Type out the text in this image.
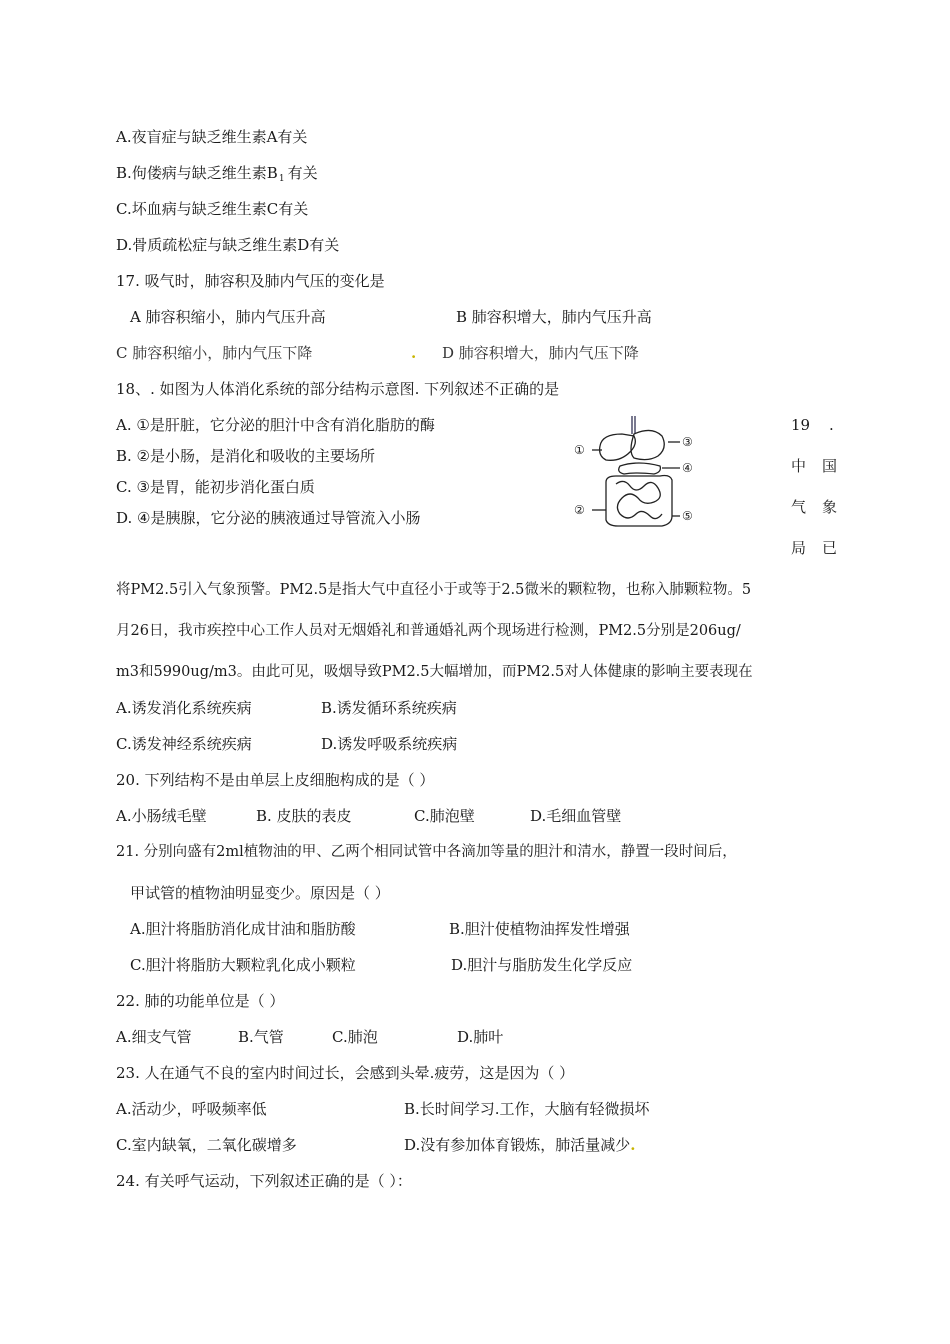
A.夜盲症与缺乏维生素A有关
B.佝偻病与缺乏维生素$B_1$ 有关
C.坏血病与缺乏维生素C有关
D.骨质疏松症与缺乏维生素D有关
17. 吸气时，肺容积及肺内气压的变化是
A 肺容积缩小，肺内气压升高	B 肺容积增大，肺内气压升高
C 肺容积缩小，肺内气压下降	. D 肺容积增大，肺内气压下降
18、. 如图为人体消化系统的部分结构示意图. 下列叙述不正确的是
A. ①是肝脏，它分泌的胆汁中含有消化脂肪的酶
B. ②是小肠，是消化和吸收的主要场所
C. ③是胃，能初步消化蛋白质
D. ④是胰腺，它分泌的胰液通过导管流入小肠
①
③
④
②	⑤
19 .
中 国
气 象
局 已
将PM2.5引入气象预警。PM2.5是指大气中直径小于或等于2.5微米的颗粒物，也称入肺颗粒物。5
月26日，我市疾控中心工作人员对无烟婚礼和普通婚礼两个现场进行检测，PM2.5分别是206ug/
m3和5990ug/m3。由此可见，吸烟导致PM2.5大幅增加，而PM2.5对人体健康的影响主要表现在
A.诱发消化系统疾病	B.诱发循环系统疾病
C.诱发神经系统疾病	D.诱发呼吸系统疾病
20. 下列结构不是由单层上皮细胞构成的是（ ）
A.小肠绒毛壁	B. 皮肤的表皮	C.肺泡壁	D.毛细血管壁
21. 分别向盛有2ml植物油的甲、乙两个相同试管中各滴加等量的胆汁和清水，静置一段时间后，
甲试管的植物油明显变少。原因是（ ）
A.胆汁将脂肪消化成甘油和脂肪酸	B.胆汁使植物油挥发性增强
C.胆汁将脂肪大颗粒乳化成小颗粒	D.胆汁与脂肪发生化学反应
22. 肺的功能单位是（ ）
A.细支气管	B.气管	C.肺泡	D.肺叶
23. 人在通气不良的室内时间过长，会感到头晕.疲劳，这是因为（ ）
A.活动少，呼吸频率低	B.长时间学习.工作，大脑有轻微损坏
C.室内缺氧，二氧化碳增多	D.没有参加体育锻炼，肺活量减少.
24. 有关呼气运动，下列叙述正确的是（ ）：
